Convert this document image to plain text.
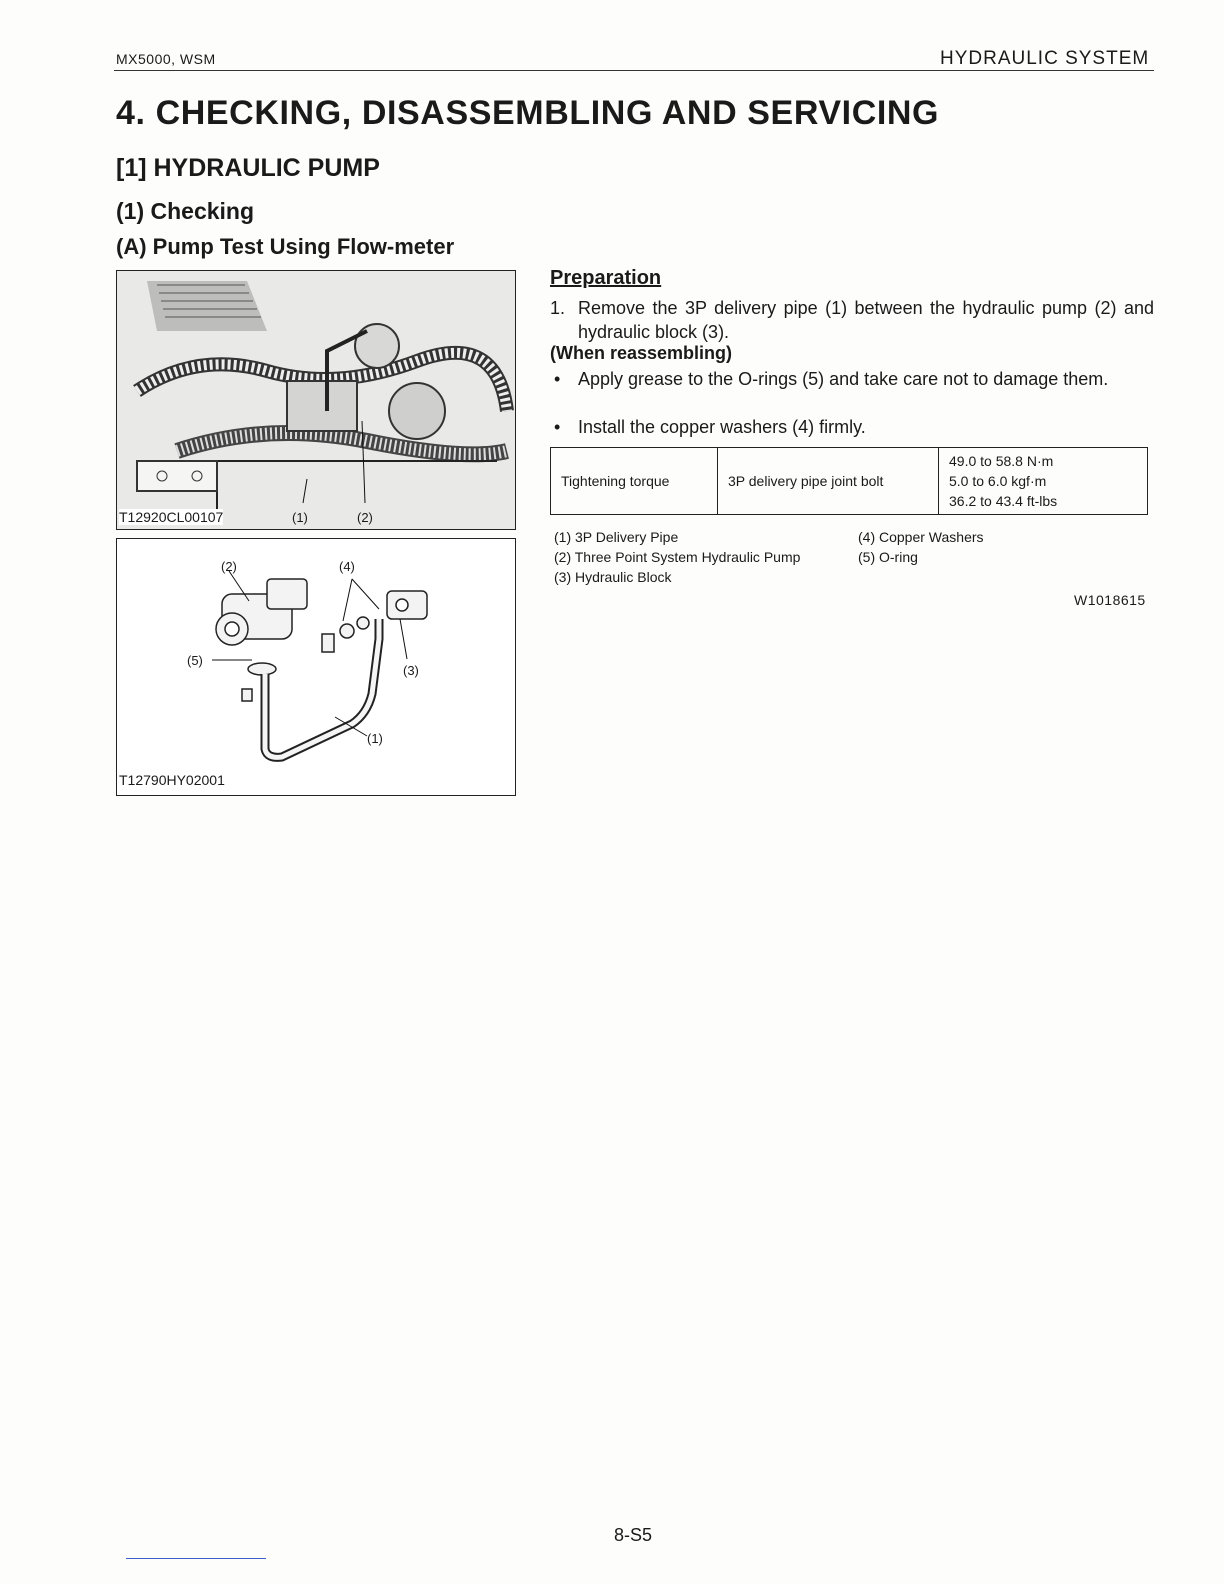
MX5000, WSM	HYDRAULIC SYSTEM
4. CHECKING, DISASSEMBLING AND SERVICING
[1] HYDRAULIC PUMP
(1) Checking
(A) Pump Test Using Flow-meter
T12920CL00107	(1)	(2)
(2)	(4)
(5)
(3)
(1)
T12790HY02001
Preparation
1. Remove the 3P delivery pipe (1) between the hydraulic pump (2) and hydraulic block (3).
(When reassembling)
• Apply grease to the O-rings (5) and take care not to damage them.
• Install the copper washers (4) firmly.
Tightening torque	3P delivery pipe joint bolt	
49.0 to 58.8 N·m
5.0 to 6.0 kgf·m
36.2 to 43.4 ft-lbs
(1) 3P Delivery Pipe	(4) Copper Washers
(2) Three Point System Hydraulic Pump	(5) O-ring
(3) Hydraulic Block
W1018615
8-S5
